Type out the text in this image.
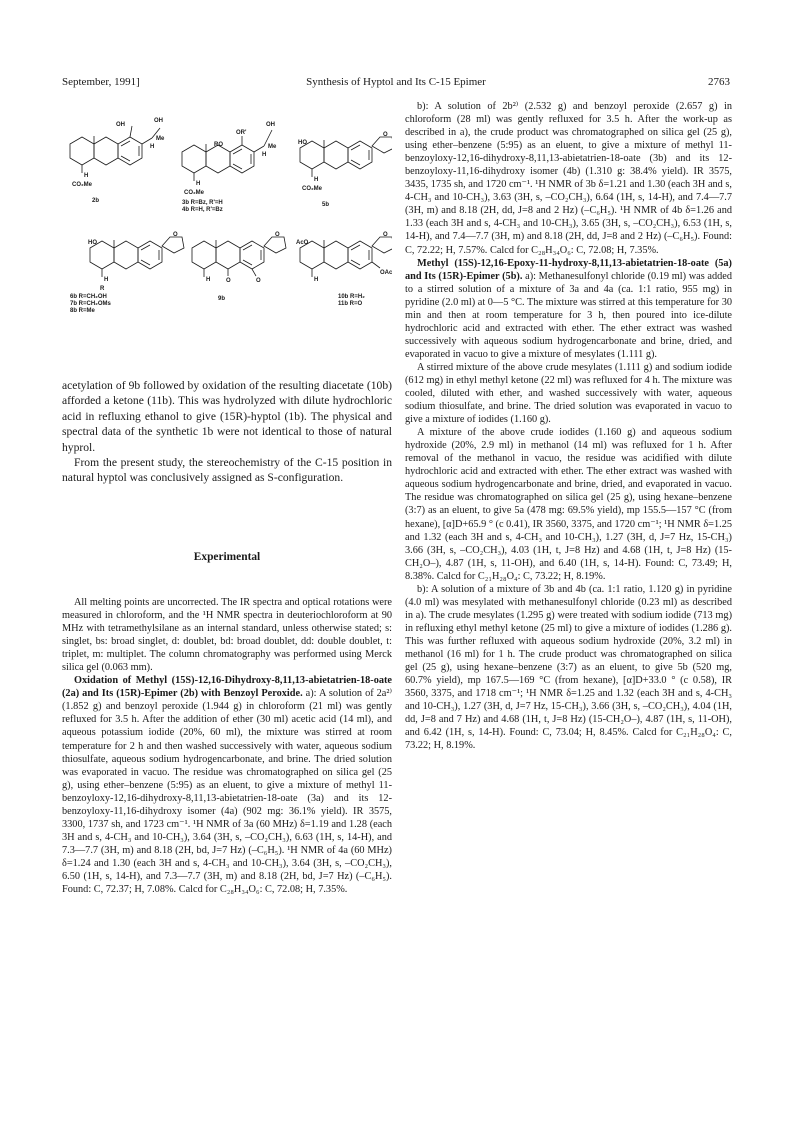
September, 1991]	Synthesis of Hyptol and Its C-15 Epimer	2763
OH
OH
Me
H
H
CO₂Me
2b
OH
OR'
Me
RO
H
H
CO₂Me
3b R=Bz, R'=H
4b R=H, R'=Bz
O
HO
H
CO₂Me
5b
O
HO
H
R
6b R=CH₂OH
7b R=CH₂OMs
8b R=Me
O
O
O
H
9b
O
AcO
OAc
H
10b R=H₂
11b R=O

acetylation of 9b followed by oxidation of the resulting diacetate (10b) afforded a ketone (11b). This was hydrolyzed with dilute hydrochloric acid in refluxing ethanol to give (15R)-hyptol (1b). The physical and spectral data of the synthetic 1b were not identical to those of natural hyprol.

From the present study, the stereochemistry of the C-15 position in natural hyptol was conclusively assigned as S-configuration.

Experimental

All melting points are uncorrected. The IR spectra and optical rotations were measured in chloroform, and the ¹H NMR spectra in deuteriochloroform at 90 MHz with tetramethylsilane as an internal standard, unless otherwise stated; s: singlet, bs: broad singlet, d: doublet, bd: broad doublet, dd: double doublet, t: triplet, m: multiplet. The column chromatography was performed using Merck silica gel (0.063 mm).

Oxidation of Methyl (15S)-12,16-Dihydroxy-8,11,13-abietatrien-18-oate (2a) and Its (15R)-Epimer (2b) with Benzoyl Peroxide. a): A solution of 2a²⁾ (1.852 g) and benzoyl peroxide (1.944 g) in chloroform (21 ml) was gently refluxed for 3.5 h. After the addition of ether (30 ml) acetic acid (14 ml), and aqueous potassium iodide (20%, 60 ml), the mixture was stirred at room temperature for 2 h and then washed successively with water, aqueous sodium thiosulfate, aqueous sodium hydrogencarbonate, and brine. The dried solution was evaporated in vacuo. The residue was chromatographed on silica gel (25 g), using ether–benzene (5:95) as an eluent, to give a mixture of methyl 11-benzoyloxy-12,16-dihydroxy-8,11,13-abietatrien-18-oate (3a) and its 12-benzoyloxy-11,16-dihydroxy isomer (4a) (902 mg: 36.1% yield). IR 3575, 3300, 1737 sh, and 1723 cm⁻¹. ¹H NMR of 3a (60 MHz) δ=1.19 and 1.28 (each 3H and s, 4-CH₃ and 10-CH₃), 3.64 (3H, s, –CO₂CH₃), 6.63 (1H, s, 14-H), and 7.3—7.7 (3H, m) and 8.18 (2H, bd, J=7 Hz) (–C₆H₅). ¹H NMR of 4a (60 MHz) δ=1.24 and 1.30 (each 3H and s, 4-CH₃ and 10-CH₃), 3.64 (3H, s, –CO₂CH₃), 6.50 (1H, s, 14-H), and 7.3—7.7 (3H, m) and 8.18 (2H, bd, J=7 Hz) (–C₆H₅). Found: C, 72.37; H, 7.08%. Calcd for C₂₈H₃₄O₆: C, 72.08; H, 7.35%.

b): A solution of 2b²⁾ (2.532 g) and benzoyl peroxide (2.657 g) in chloroform (28 ml) was gently refluxed for 3.5 h. After the work-up as described in a), the crude product was chromatographed on silica gel (25 g), using ether–benzene (5:95) as an eluent, to give a mixture of methyl 11-benzoyloxy-12,16-dihydroxy-8,11,13-abietatrien-18-oate (3b) and its 12-benzoyloxy-11,16-dihydroxy isomer (4b) (1.310 g: 38.4% yield). IR 3575, 3435, 1735 sh, and 1720 cm⁻¹. ¹H NMR of 3b δ=1.21 and 1.30 (each 3H and s, 4-CH₃ and 10-CH₃), 3.63 (3H, s, –CO₂CH₃), 6.64 (1H, s, 14-H), and 7.4—7.7 (3H, m) and 8.18 (2H, dd, J=8 and 2 Hz) (–C₆H₅). ¹H NMR of 4b δ=1.26 and 1.33 (each 3H and s, 4-CH₃ and 10-CH₃), 3.65 (3H, s, –CO₂CH₃), 6.53 (1H, s, 14-H), and 7.4—7.7 (3H, m) and 8.18 (2H, dd, J=8 and 2 Hz) (–C₆H₅). Found: C, 72.22; H, 7.57%. Calcd for C₂₈H₃₄O₆: C, 72.08; H, 7.35%.

Methyl (15S)-12,16-Epoxy-11-hydroxy-8,11,13-abietatrien-18-oate (5a) and Its (15R)-Epimer (5b). a): Methanesulfonyl chloride (0.19 ml) was added to a stirred solution of a mixture of 3a and 4a (ca. 1:1 ratio, 955 mg) in pyridine (2.0 ml) at 0—5 °C. The mixture was stirred at this temperature for 30 min and then at room temperature for 3 h, then poured into ice-dilute hydrochloric acid and extracted with ether. The ether extract was washed successively with aqueous sodium hydrogencarbonate and brine, dried, and evaporated in vacuo to give a mixture of mesylates (1.111 g).

A stirred mixture of the above crude mesylates (1.111 g) and sodium iodide (612 mg) in ethyl methyl ketone (22 ml) was refluxed for 4 h. The mixture was cooled, diluted with ether, and washed successively with water, aqueous sodium thiosulfate, and brine. The dried solution was evaporated in vacuo to give a mixture of iodides (1.160 g).

A mixture of the above crude iodides (1.160 g) and aqueous sodium hydroxide (20%, 2.9 ml) in methanol (14 ml) was refluxed for 1 h. After removal of the methanol in vacuo, the residue was acidified with dilute hydrochloric acid and extracted with ether. The ether extract was washed with aqueous sodium hydrogencarbonate and brine, dried, and evaporated in vacuo. The residue was chromatographed on silica gel (25 g), using hexane–benzene (3:7) as an eluent, to give 5a (478 mg: 69.5% yield), mp 155.5—157 °C (from hexane), [α]D+65.9 ° (c 0.41), IR 3560, 3375, and 1720 cm⁻¹; ¹H NMR δ=1.25 and 1.32 (each 3H and s, 4-CH₃ and 10-CH₃), 1.27 (3H, d, J=7 Hz, 15-CH₃) 3.66 (3H, s, –CO₂CH₃), 4.03 (1H, t, J=8 Hz) and 4.68 (1H, t, J=8 Hz) (15-CH₂O–), 4.87 (1H, s, 11-OH), and 6.40 (1H, s, 14-H). Found: C, 73.49; H, 8.38%. Calcd for C₂₁H₂₈O₄: C, 73.22; H, 8.19%.

b): A solution of a mixture of 3b and 4b (ca. 1:1 ratio, 1.120 g) in pyridine (4.0 ml) was mesylated with methanesulfonyl chloride (0.23 ml) as described in a). The crude mesylates (1.295 g) were treated with sodium iodide (713 mg) in refluxing ethyl methyl ketone (25 ml) to give a mixture of iodides (1.286 g). This was further refluxed with aqueous sodium hydroxide (20%, 3.2 ml) in methanol (16 ml) for 1 h. The crude product was chromatographed on silica gel (25 g), using hexane–benzene (3:7) as an eluent, to give 5b (520 mg, 60.7% yield), mp 167.5—169 °C (from hexane), [α]D+33.0 ° (c 0.58), IR 3560, 3375, and 1718 cm⁻¹; ¹H NMR δ=1.25 and 1.32 (each 3H and s, 4-CH₃ and 10-CH₃), 1.27 (3H, d, J=7 Hz, 15-CH₃), 3.66 (3H, s, –CO₂CH₃), 4.04 (1H, dd, J=8 and 7 Hz) and 4.68 (1H, t, J=8 Hz) (15-CH₂O–), 4.87 (1H, s, 11-OH), and 6.42 (1H, s, 14-H). Found: C, 73.04; H, 8.45%. Calcd for C₂₁H₂₈O₄: C, 73.22; H, 8.19%.
